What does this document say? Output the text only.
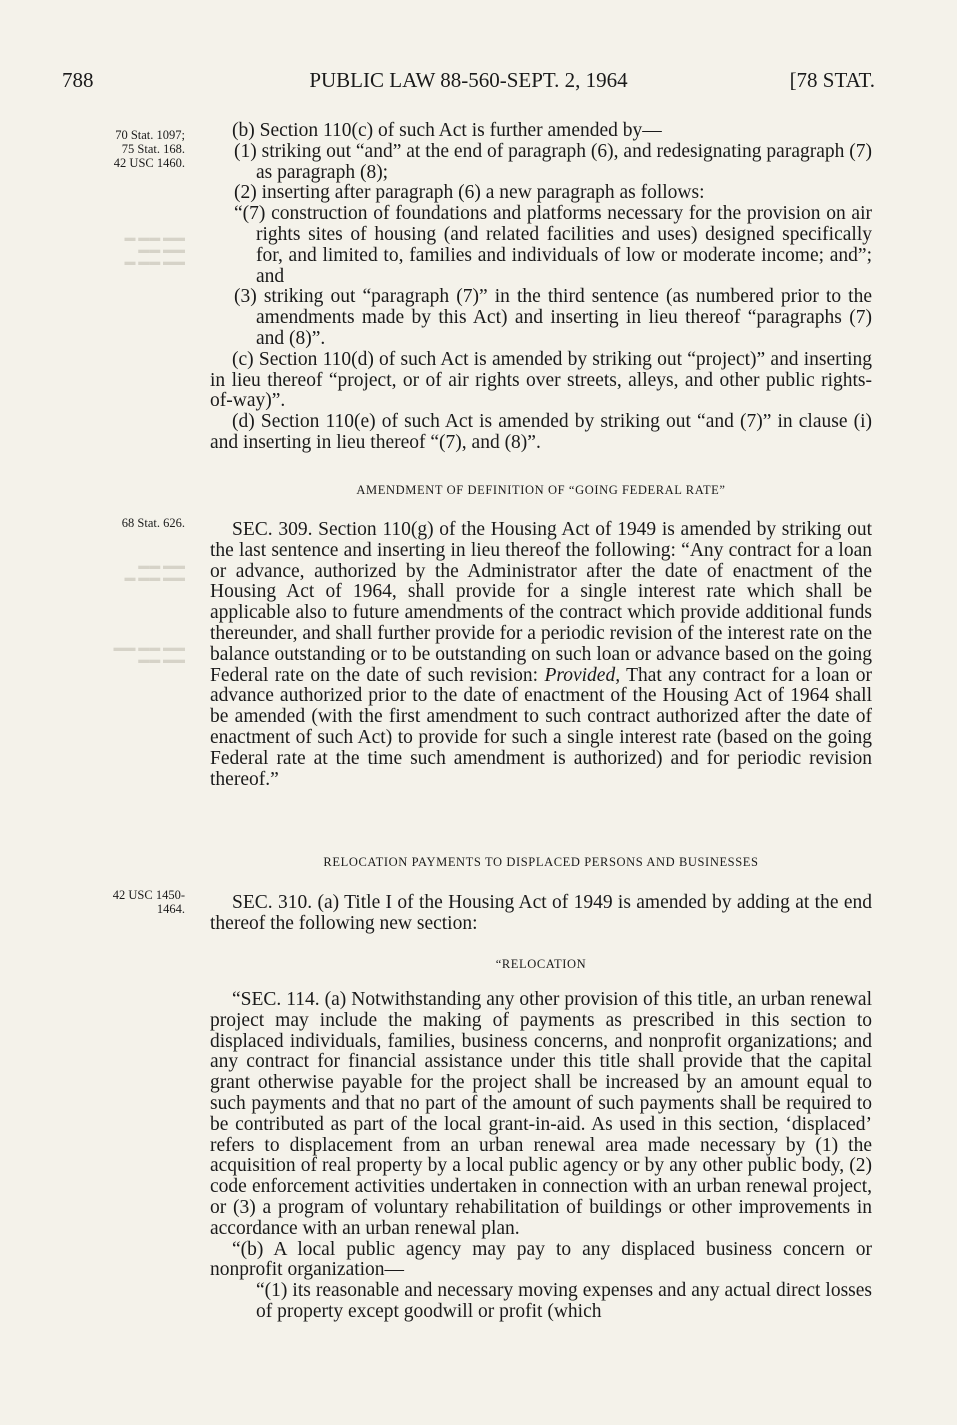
▬ ▬▬ ▬▬
▬▬ ▬▬
▬ ▬▬ ▬▬
▬▬ ▬▬
▬ ▬▬ ▬▬
▬▬ ▬▬ ▬▬
▬▬ ▬▬
788	PUBLIC LAW 88-560-SEPT. 2, 1964	[78 STAT.
70 Stat. 1097;
75 Stat. 168.
42 USC 1460.
68 Stat. 626.
42 USC 1450-
1464.

(b) Section 110(c) of such Act is further amended by—

(1) striking out “and” at the end of paragraph (6), and redesignating paragraph (7) as paragraph (8);

(2) inserting after paragraph (6) a new paragraph as follows:

“(7) construction of foundations and platforms necessary for the provision on air rights sites of housing (and related facilities and uses) designed specifically for, and limited to, families and individuals of low or moderate income; and”; and

(3) striking out “paragraph (7)” in the third sentence (as numbered prior to the amendments made by this Act) and inserting in lieu thereof “paragraphs (7) and (8)”.

(c) Section 110(d) of such Act is amended by striking out “project)” and inserting in lieu thereof “project, or of air rights over streets, alleys, and other public rights-of-way)”.

(d) Section 110(e) of such Act is amended by striking out “and (7)” in clause (i) and inserting in lieu thereof “(7), and (8)”.

AMENDMENT OF DEFINITION OF “GOING FEDERAL RATE”

SEC. 309. Section 110(g) of the Housing Act of 1949 is amended by striking out the last sentence and inserting in lieu thereof the following: “Any contract for a loan or advance, authorized by the Administrator after the date of enactment of the Housing Act of 1964, shall provide for a single interest rate which shall be applicable also to future amendments of the contract which provide additional funds thereunder, and shall further provide for a periodic revision of the interest rate on the balance outstanding or to be outstanding on such loan or advance based on the going Federal rate on the date of such revision: Provided, That any contract for a loan or advance authorized prior to the date of enactment of the Housing Act of 1964 shall be amended (with the first amendment to such contract authorized after the date of enactment of such Act) to provide for such a single interest rate (based on the going Federal rate at the time such amendment is authorized) and for periodic revision thereof.”

RELOCATION PAYMENTS TO DISPLACED PERSONS AND BUSINESSES

SEC. 310. (a) Title I of the Housing Act of 1949 is amended by adding at the end thereof the following new section:

“RELOCATION

“SEC. 114. (a) Notwithstanding any other provision of this title, an urban renewal project may include the making of payments as prescribed in this section to displaced individuals, families, business concerns, and nonprofit organizations; and any contract for financial assistance under this title shall provide that the capital grant otherwise payable for the project shall be increased by an amount equal to such payments and that no part of the amount of such payments shall be required to be contributed as part of the local grant-in-aid. As used in this section, ‘displaced’ refers to displacement from an urban renewal area made necessary by (1) the acquisition of real property by a local public agency or by any other public body, (2) code enforcement activities undertaken in connection with an urban renewal project, or (3) a program of voluntary rehabilitation of buildings or other improvements in accordance with an urban renewal plan.

“(b) A local public agency may pay to any displaced business concern or nonprofit organization—

“(1) its reasonable and necessary moving expenses and any actual direct losses of property except goodwill or profit (which
